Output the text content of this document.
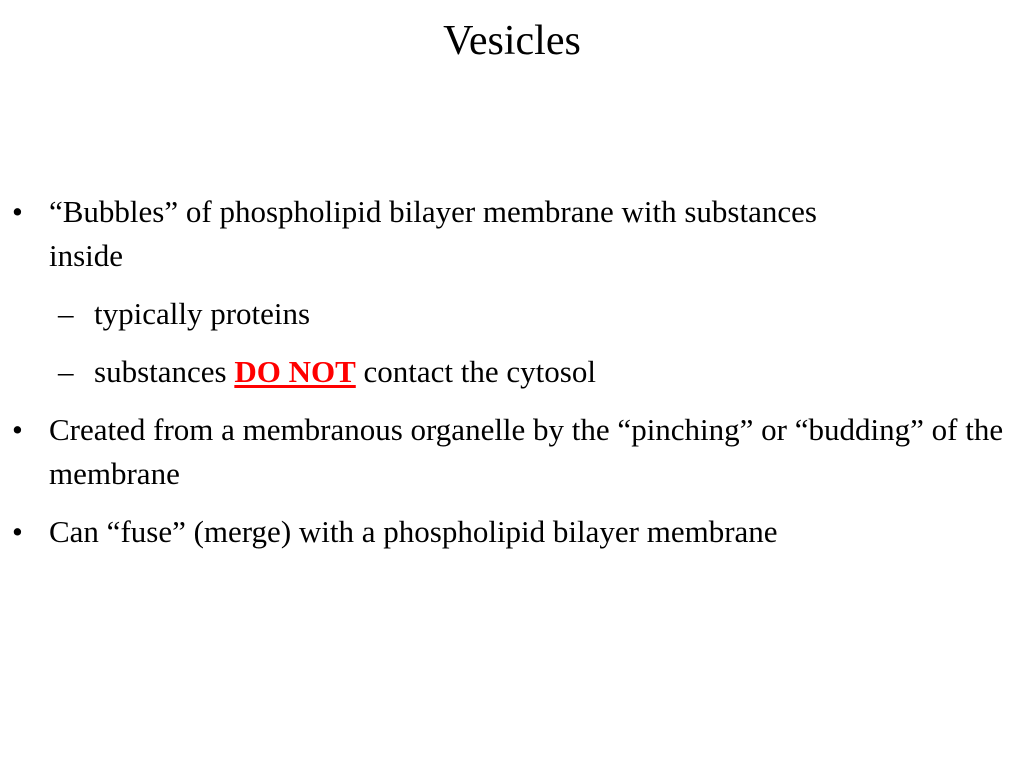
Vesicles
• “Bubbles” of phospholipid bilayer membrane with substances inside
– typically proteins
– substances DO NOT contact the cytosol
• Created from a membranous organelle by the “pinching” or “budding” of the membrane
• Can “fuse” (merge) with a phospholipid bilayer membrane
